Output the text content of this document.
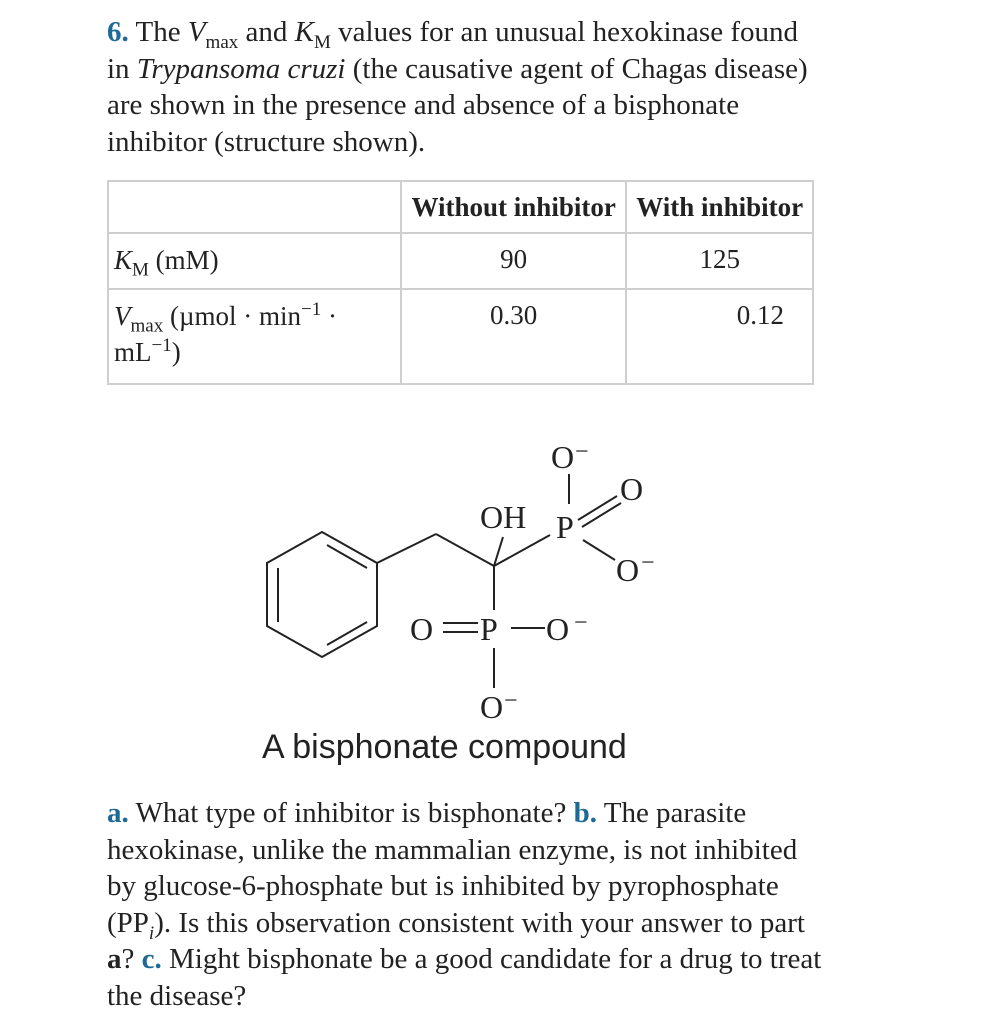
6. The $V_{max}$ and $K_M$ values for an unusual hexokinase found in Trypansoma cruzi (the causative agent of Chagas disease) are shown in the presence and absence of a bisphonate inhibitor (structure shown).
	Without inhibitor	With inhibitor
$K_M$ (mM)	90	125
$V_{max}$ $(\mu mol \cdot \min^{-1} \cdot mL^{-1})$	0.30	0.12
O −
O
OH P
O −
O P O −
O −
A bisphonate compound
a. What type of inhibitor is bisphonate? b. The parasite hexokinase, unlike the mammalian enzyme, is not inhibited by glucose-6-phosphate but is inhibited by pyrophosphate $(PP_i)$. Is this observation consistent with your answer to part a? c. Might bisphonate be a good candidate for a drug to treat the disease?
